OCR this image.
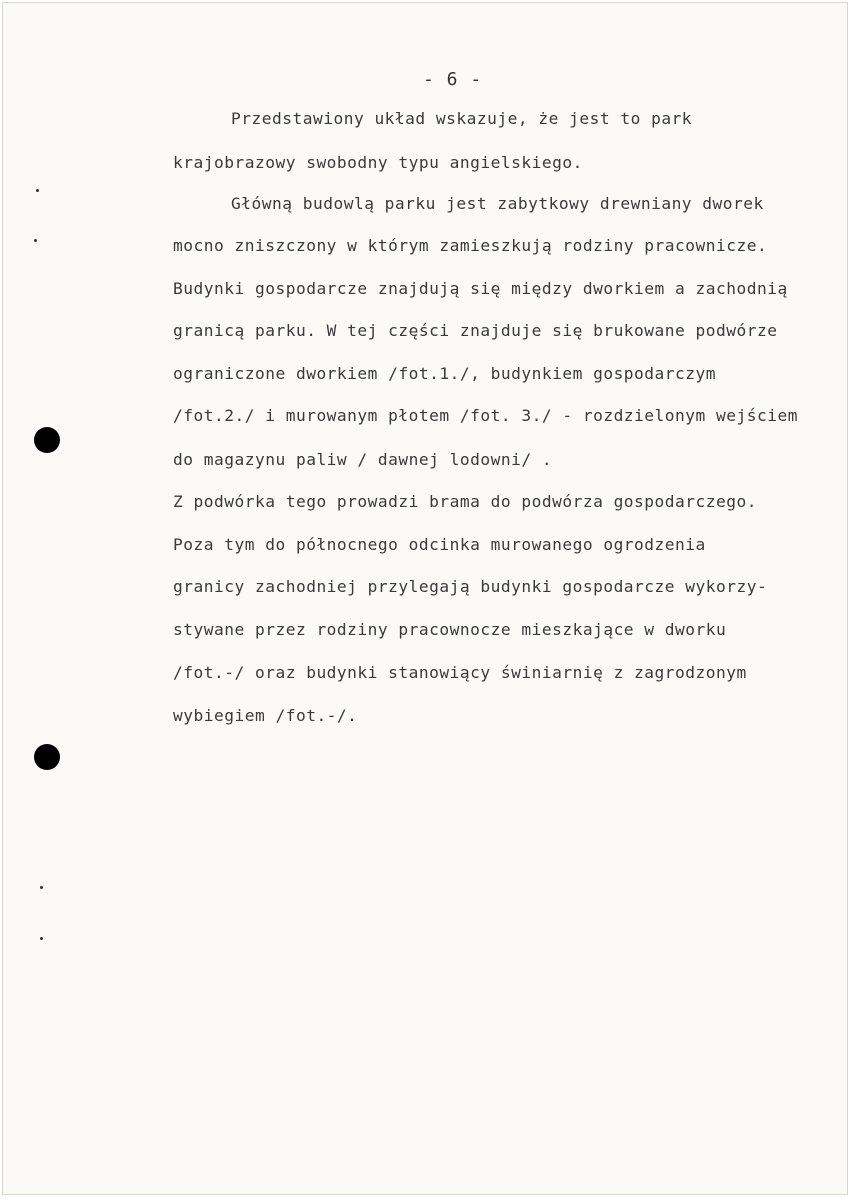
- 6 -
Przedstawiony układ wskazuje, że jest to park
krajobrazowy swobodny typu angielskiego.
Główną budowlą parku jest zabytkowy drewniany dworek
mocno zniszczony w którym zamieszkują rodziny pracownicze.
Budynki gospodarcze znajdują się między dworkiem a zachodnią
granicą parku. W tej części znajduje się brukowane podwórze
ograniczone dworkiem /fot.1./, budynkiem gospodarczym
/fot.2./ i murowanym płotem /fot. 3./ - rozdzielonym wejściem
do magazynu paliw / dawnej lodowni/ .
Z podwórka tego prowadzi brama do podwórza gospodarczego.
Poza tym do północnego odcinka murowanego ogrodzenia
granicy zachodniej przylegają budynki gospodarcze wykorzy-
stywane przez rodziny pracownocze mieszkające w dworku
/fot.-/ oraz budynki stanowiący świniarnię z zagrodzonym
wybiegiem /fot.-/.
